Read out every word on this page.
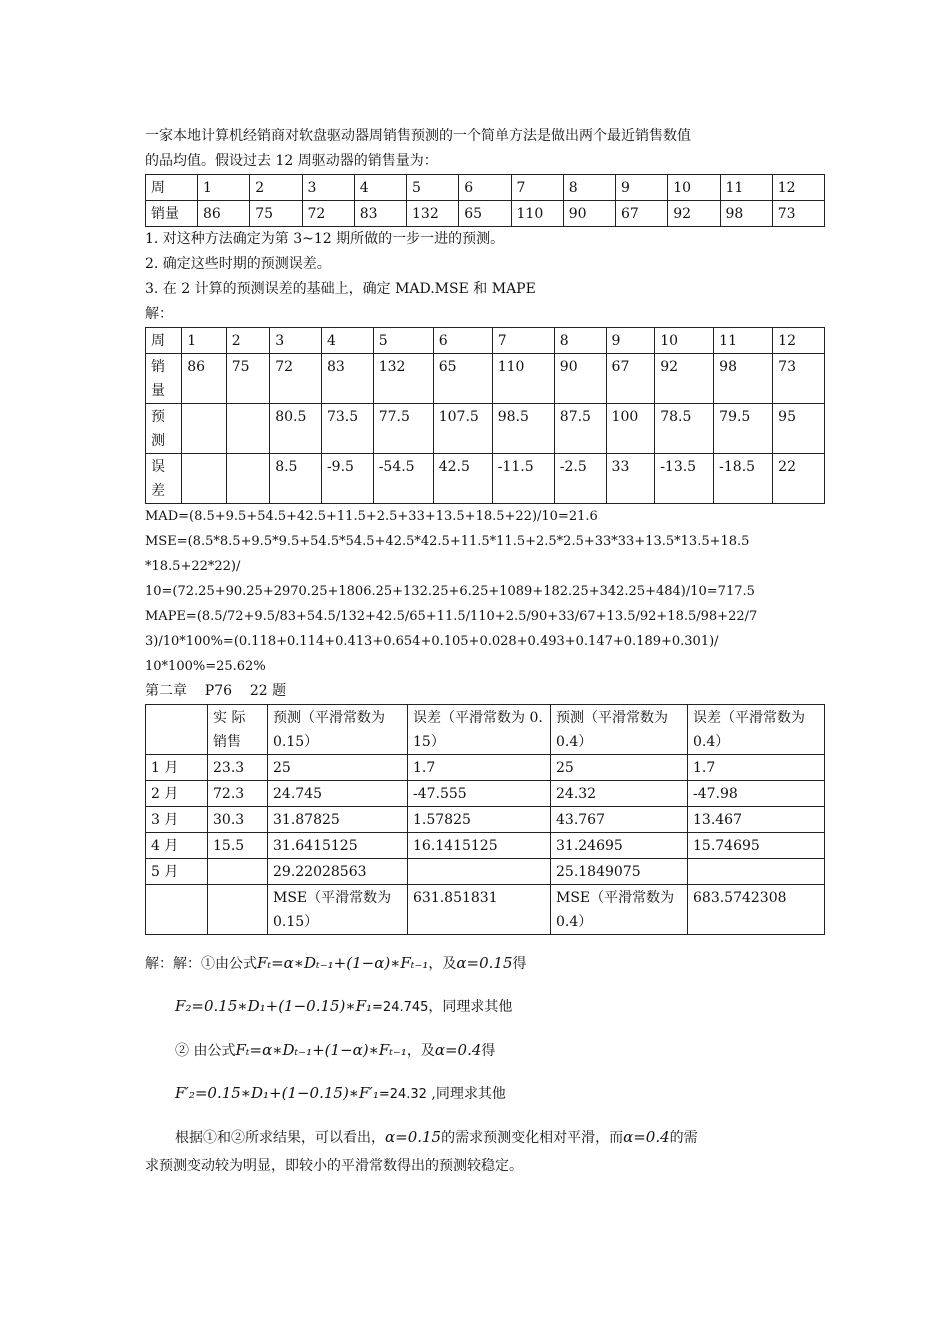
一家本地计算机经销商对软盘驱动器周销售预测的一个简单方法是做出两个最近销售数值

的品均值。假设过去 12 周驱动器的销售量为：

周	1	2	3	4	5	6	7	8	9	10	11	12
销量	86	75	72	83	132	65	110	90	67	92	98	73

1. 对这种方法确定为第 3~12 期所做的一步一进的预测。

2. 确定这些时期的预测误差。

3. 在 2 计算的预测误差的基础上，确定 MAD.MSE 和 MAPE

解：

周	1	2	3	4	5	6	7	8	9	10	11	12
销量	86	75	72	83	132	65	110	90	67	92	98	73
预测			80.5	73.5	77.5	107.5	98.5	87.5	100	78.5	79.5	95
误差			8.5	-9.5	-54.5	42.5	-11.5	-2.5	33	-13.5	-18.5	22

MAD=(8.5+9.5+54.5+42.5+11.5+2.5+33+13.5+18.5+22)/10=21.6

MSE=(8.5*8.5+9.5*9.5+54.5*54.5+42.5*42.5+11.5*11.5+2.5*2.5+33*33+13.5*13.5+18.5

*18.5+22*22)/

10=(72.25+90.25+2970.25+1806.25+132.25+6.25+1089+182.25+342.25+484)/10=717.5

MAPE=(8.5/72+9.5/83+54.5/132+42.5/65+11.5/110+2.5/90+33/67+13.5/92+18.5/98+22/7

3)/10*100%=(0.118+0.114+0.413+0.654+0.105+0.028+0.493+0.147+0.189+0.301)/

10*100%=25.62%

第二章    P76    22 题

	实 际 销售	预测（平滑常数为 0.15）	误差（平滑常数为 0.15）	预测（平滑常数为 0.4）	误差（平滑常数为 0.4）
1 月	23.3	25	1.7	25	1.7
2 月	72.3	24.745	-47.555	24.32	-47.98
3 月	30.3	31.87825	1.57825	43.767	13.467
4 月	15.5	31.6415125	16.1415125	31.24695	15.74695
5 月		29.22028563		25.1849075	
		MSE（平滑常数为 0.15）	631.851831	MSE（平滑常数为 0.4）	683.5742308

解：解：①由公式Fₜ=α∗Dₜ₋₁+(1−α)∗Fₜ₋₁，及α=0.15得

F₂=0.15∗D₁+(1−0.15)∗F₁=24.745，同理求其他

② 由公式Fₜ=α∗Dₜ₋₁+(1−α)∗Fₜ₋₁，及α=0.4得

F′₂=0.15∗D₁+(1−0.15)∗F′₁=24.32 ,同理求其他

根据①和②所求结果，可以看出，α=0.15的需求预测变化相对平滑，而α=0.4的需

求预测变动较为明显，即较小的平滑常数得出的预测较稳定。
